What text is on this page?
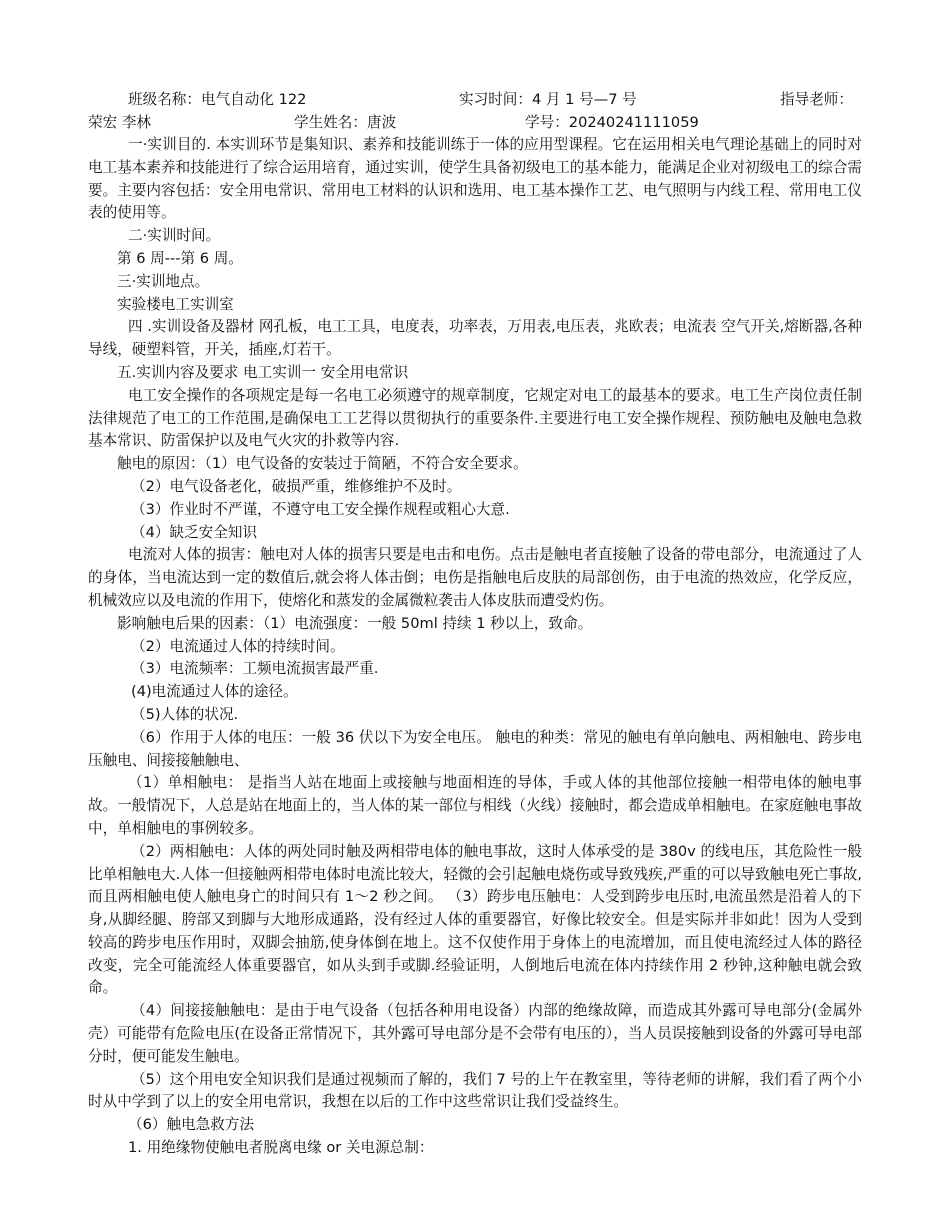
班级名称：电气自动化 122	实习时间：4 月 1 号—7 号	指导老师：
荣宏 李林	学生姓名：唐波	学号：20240241111059

一·实训目的. 本实训环节是集知识、素养和技能训练于一体的应用型课程。它在运用相关电气理论基础上的同时对电工基本素养和技能进行了综合运用培育，通过实训，使学生具备初级电工的基本能力，能满足企业对初级电工的综合需要。主要内容包括：安全用电常识、常用电工材料的认识和选用、电工基本操作工艺、电气照明与内线工程、常用电工仪表的使用等。

二·实训时间。

第 6 周---第 6 周。

三·实训地点。

实验楼电工实训室

四 .实训设备及器材 网孔板，电工工具，电度表，功率表，万用表,电压表，兆欧表；电流表 空气开关,熔断器,各种导线，硬塑料管，开关，插座,灯若干。

五.实训内容及要求 电工实训一 安全用电常识

电工安全操作的各项规定是每一名电工必须遵守的规章制度，它规定对电工的最基本的要求。电工生产岗位责任制法律规范了电工的工作范围,是确保电工工艺得以贯彻执行的重要条件.主要进行电工安全操作规程、预防触电及触电急救基本常识、防雷保护以及电气火灾的扑救等内容.

触电的原因：（1）电气设备的安装过于简陋，不符合安全要求。

（2）电气设备老化，破损严重，维修维护不及时。

（3）作业时不严谨，不遵守电工安全操作规程或粗心大意.

（4）缺乏安全知识

电流对人体的损害：触电对人体的损害只要是电击和电伤。点击是触电者直接触了设备的带电部分，电流通过了人的身体，当电流达到一定的数值后,就会将人体击倒；电伤是指触电后皮肤的局部创伤，由于电流的热效应，化学反应，机械效应以及电流的作用下，使熔化和蒸发的金属微粒袭击人体皮肤而遭受灼伤。

影响触电后果的因素：（1）电流强度：一般 50ml 持续 1 秒以上，致命。

（2）电流通过人体的持续时间。

（3）电流频率：工频电流损害最严重.

(4)电流通过人体的途径。

（5)人体的状况.

（6）作用于人体的电压：一般 36 伏以下为安全电压。 触电的种类：常见的触电有单向触电、两相触电、跨步电压触电、间接接触触电、

（1）单相触电： 是指当人站在地面上或接触与地面相连的导体，手或人体的其他部位接触一相带电体的触电事故。一般情况下，人总是站在地面上的，当人体的某一部位与相线（火线）接触时，都会造成单相触电。在家庭触电事故中，单相触电的事例较多。

（2）两相触电：人体的两处同时触及两相带电体的触电事故，这时人体承受的是 380v 的线电压，其危险性一般比单相触电大.人体一但接触两相带电体时电流比较大，轻微的会引起触电烧伤或导致残疾,严重的可以导致触电死亡事故,而且两相触电使人触电身亡的时间只有 1～2 秒之间。 （3）跨步电压触电：人受到跨步电压时,电流虽然是沿着人的下身,从脚经腿、胯部又到脚与大地形成通路，没有经过人体的重要器官，好像比较安全。但是实际并非如此！因为人受到较高的跨步电压作用时，双脚会抽筋,使身体倒在地上。这不仅使作用于身体上的电流增加，而且使电流经过人体的路径改变，完全可能流经人体重要器官，如从头到手或脚.经验证明，人倒地后电流在体内持续作用 2 秒钟,这种触电就会致命。

（4）间接接触触电：是由于电气设备（包括各种用电设备）内部的绝缘故障，而造成其外露可导电部分(金属外壳）可能带有危险电压(在设备正常情况下，其外露可导电部分是不会带有电压的），当人员误接触到设备的外露可导电部分时，便可能发生触电。

（5）这个用电安全知识我们是通过视频而了解的，我们 7 号的上午在教室里，等待老师的讲解，我们看了两个小时从中学到了以上的安全用电常识，我想在以后的工作中这些常识让我们受益终生。

（6）触电急救方法

1. 用绝缘物使触电者脱离电缘 or 关电源总制：
